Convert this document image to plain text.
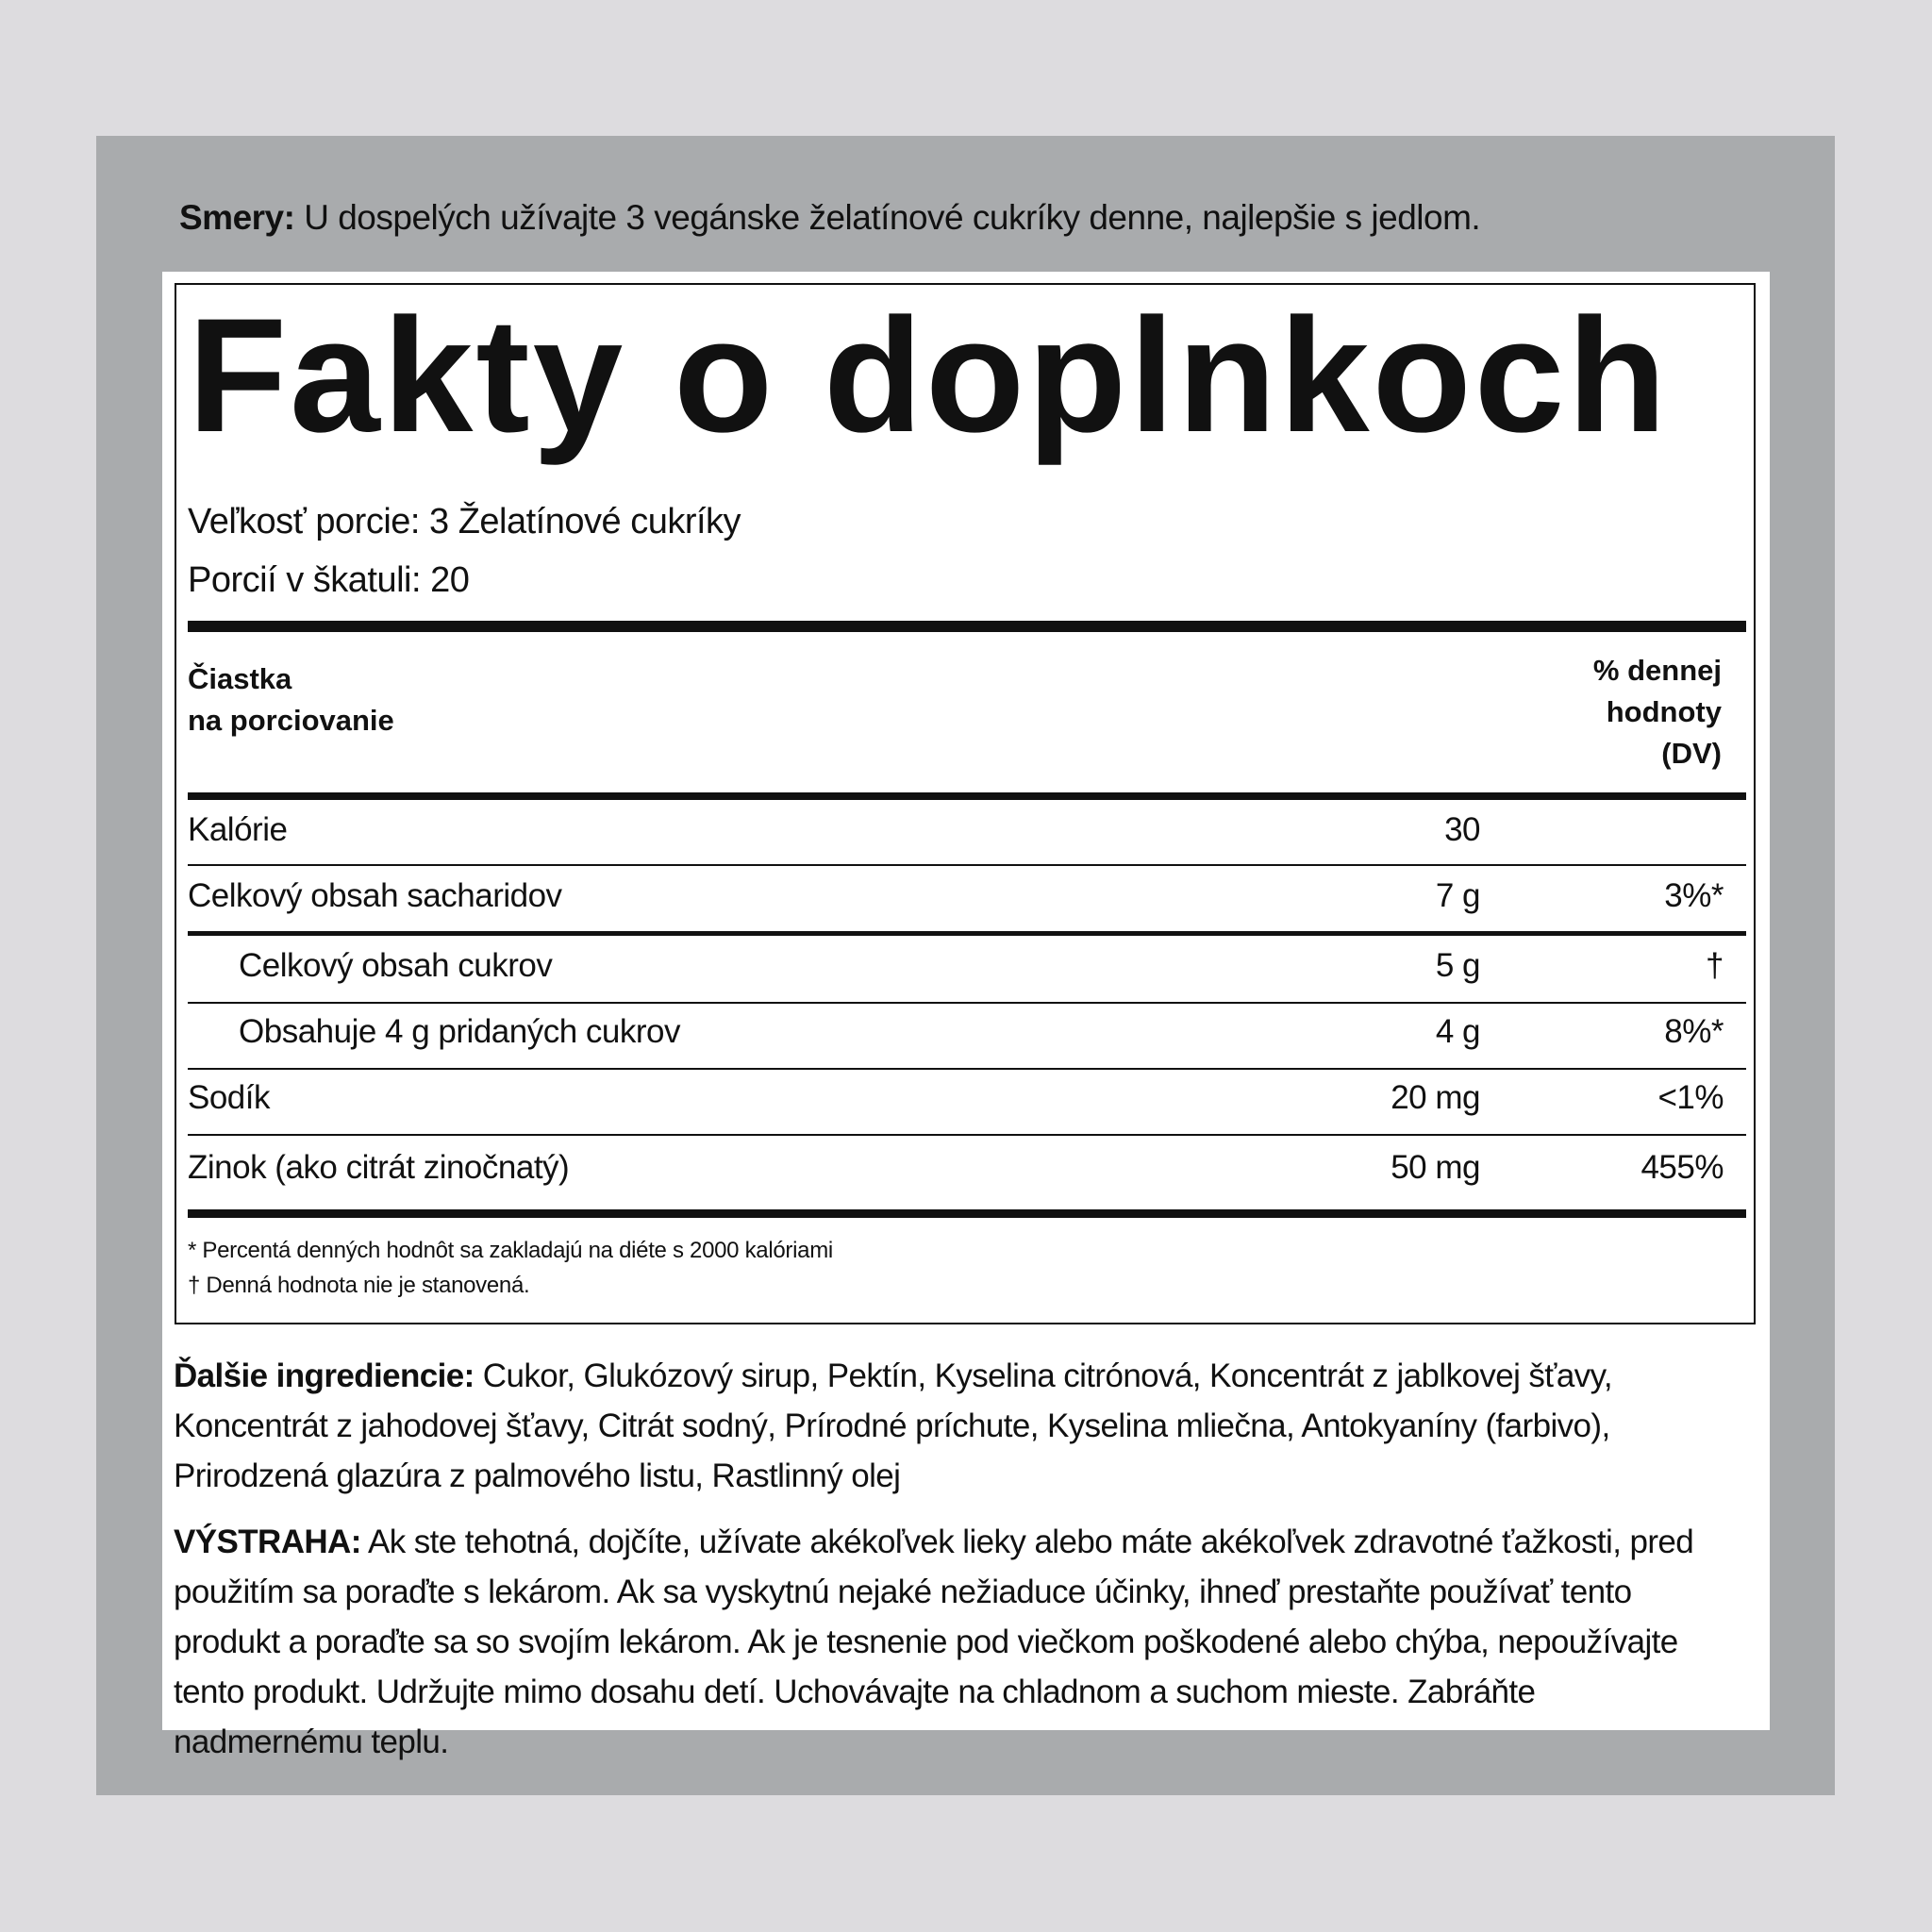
Smery: U dospelých užívajte 3 vegánske želatínové cukríky denne, najlepšie s jedlom.
Fakty o doplnkoch
Veľkosť porcie: 3 Želatínové cukríky
Porcií v škatuli: 20
Čiastka
na porciovanie
% dennej
hodnoty
(DV)
Kalórie	30
Celkový obsah sacharidov	7 g	3%*
Celkový obsah cukrov	5 g	†
Obsahuje 4 g pridaných cukrov	4 g	8%*
Sodík	20 mg	<1%
Zinok (ako citrát zinočnatý)	50 mg	455%
* Percentá denných hodnôt sa zakladajú na diéte s 2000 kalóriami
† Denná hodnota nie je stanovená.
Ďalšie ingrediencie: Cukor, Glukózový sirup, Pektín, Kyselina citrónová, Koncentrát z jablkovej šťavy, Koncentrát z jahodovej šťavy, Citrát sodný, Prírodné príchute, Kyselina mliečna, Antokyaníny (farbivo), Prirodzená glazúra z palmového listu, Rastlinný olej
VÝSTRAHA: Ak ste tehotná, dojčíte, užívate akékoľvek lieky alebo máte akékoľvek zdravotné ťažkosti, pred použitím sa poraďte s lekárom. Ak sa vyskytnú nejaké nežiaduce účinky, ihneď prestaňte používať tento produkt a poraďte sa so svojím lekárom. Ak je tesnenie pod viečkom poškodené alebo chýba, nepoužívajte tento produkt. Udržujte mimo dosahu detí. Uchovávajte na chladnom a suchom mieste. Zabráňte nadmernému teplu.
